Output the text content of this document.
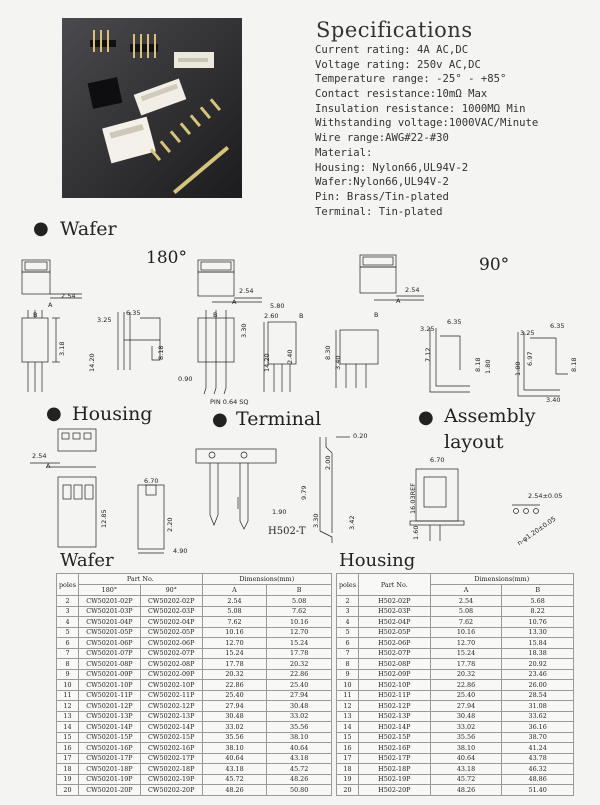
Specifications
Current rating: 4A AC,DC
Voltage rating: 250v AC,DC
Temperature range: -25° - +85°
Contact resistance:10mΩ Max
Insulation resistance: 1000MΩ Min
Withstanding voltage:1000VAC/Minute
Wire range:AWG#22-#30
Material:
Housing: Nylon66,UL94V-2
Wafer:Nylon66,UL94V-2
Pin: Brass/Tin-plated
Terminal: Tin-plated
● Wafer
180°	90°
2.54
A
B
3.18
14.20
6.35
3.25
8.18
0.90
PIN 0.64 SQ
3.30
2.54
A
B
5.80
2.60	B
14.20 2.40	8.30
3.40
2.54
A
B
6.35
3.25
7.12
8.18 1.80
6.35
3.25
6.97	8.18
1.80
3.40
● Housing	● Terminal	● Assembly
layout
2.54
A
6.70
12.85	2.20
4.90
0.20
2.00
9.79
1.90
3.30	3.42
H502-T
6.70
16.03REF
1.60
2.54±0.05
n-φ1.20±0.05
Wafer	Housing
poles	Part No.		Dimensions(mm)	
	180°	90°	A	B
2	CW50201-02P	CW50202-02P	2.54	5.08
3	CW50201-03P	CW50202-03P	5.08	7.62
4	CW50201-04P	CW50202-04P	7.62	10.16
5	CW50201-05P	CW50202-05P	10.16	12.70
6	CW50201-06P	CW50202-06P	12.70	15.24
7	CW50201-07P	CW50202-07P	15.24	17.78
8	CW50201-08P	CW50202-08P	17.78	20.32
9	CW50201-09P	CW50202-09P	20.32	22.86
10	CW50201-10P	CW50202-10P	22.86	25.40
11	CW50201-11P	CW50202-11P	25.40	27.94
12	CW50201-12P	CW50202-12P	27.94	30.48
13	CW50201-13P	CW50202-13P	30.48	33.02
14	CW50201-14P	CW50202-14P	33.02	35.56
15	CW50201-15P	CW50202-15P	35.56	38.10
16	CW50201-16P	CW50202-16P	38.10	40.64
17	CW50201-17P	CW50202-17P	40.64	43.18
18	CW50201-18P	CW50202-18P	43.18	45.72
19	CW50201-19P	CW50202-19P	45.72	48.26
20	CW50201-20P	CW50202-20P	48.26	50.80
poles	Part No.	Dimensions(mm)	
		A	B
2	H502-02P	2.54	5.68
3	H502-03P	5.08	8.22
4	H502-04P	7.62	10.76
5	H502-05P	10.16	13.30
6	H502-06P	12.70	15.84
7	H502-07P	15.24	18.38
8	H502-08P	17.78	20.92
9	H502-09P	20.32	23.46
10	H502-10P	22.86	26.00
11	H502-11P	25.40	28.54
12	H502-12P	27.94	31.08
13	H502-13P	30.48	33.62
14	H502-14P	33.02	36.16
15	H502-15P	35.56	38.70
16	H502-16P	38.10	41.24
17	H502-17P	40.64	43.78
18	H502-18P	43.18	46.32
19	H502-19P	45.72	48.86
20	H502-20P	48.26	51.40
